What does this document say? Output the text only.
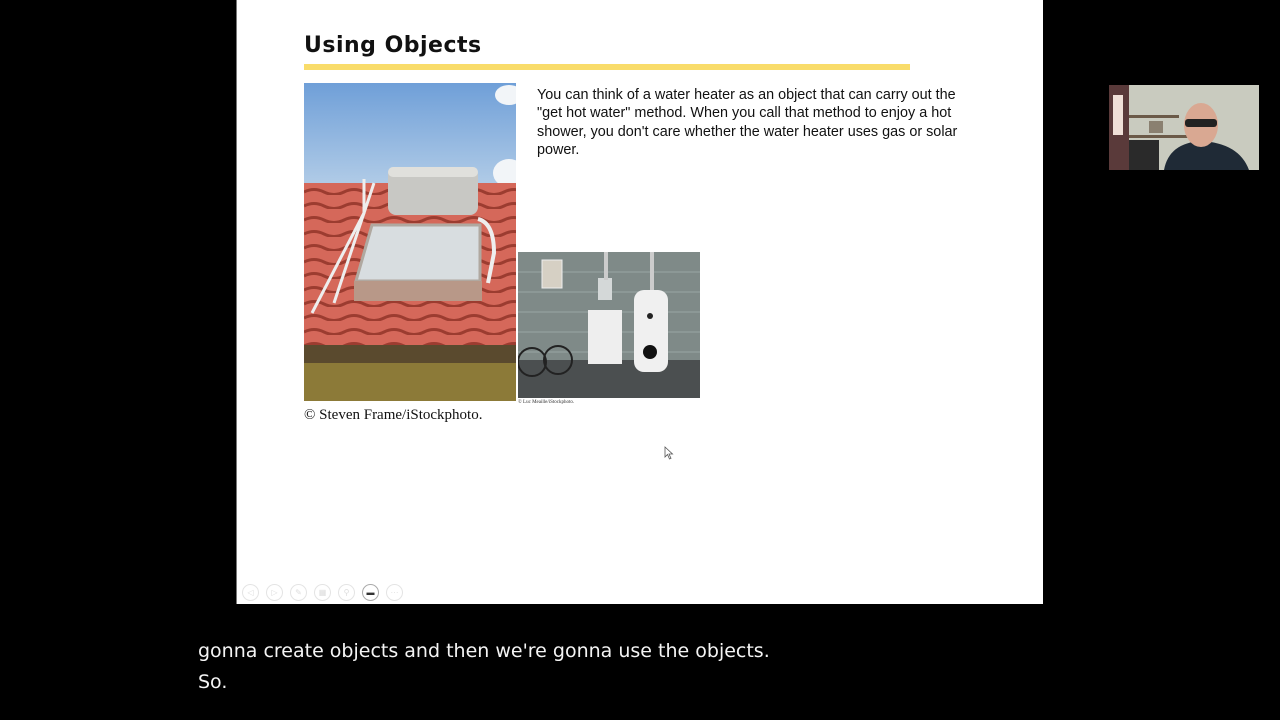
Using Objects
© Steven Frame/iStockphoto.
© Luc Meaille/iStockphoto.

You can think of a water heater as an object that can carry out the "get hot water" method. When you call that method to enjoy a hot shower, you don't care whether the water heater uses gas or solar power.

◁	▷	✎	▦	⚲	▬	···
gonna create objects and then we're gonna use the objects.
So.
